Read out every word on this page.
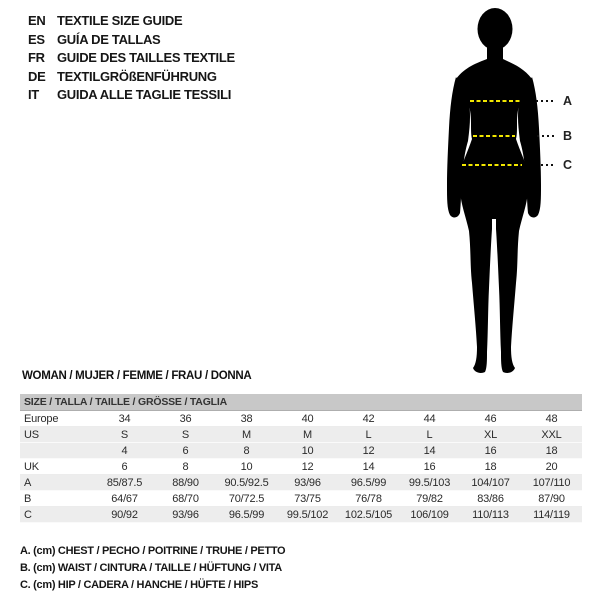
EN TEXTILE SIZE GUIDE
ES GUÍA DE TALLAS
FR GUIDE DES TAILLES TEXTILE
DE TEXTILGRÖßENFÜHRUNG
IT	GUIDA ALLE TAGLIE TESSILI	A
B
C
WOMAN / MUJER / FEMME / FRAU / DONNA
SIZE / TALLA / TAILLE / GRÖSSE / TAGLIA
Europe	34	36	38	40	42	44	46	48
US	S	S	M	M	L	L	XL	XXL
	4	6	8	10	12	14	16	18
UK	6	8	10	12	14	16	18	20
A	85/87.5	88/90	90.5/92.5	93/96	96.5/99	99.5/103	104/107	107/110
B	64/67	68/70	70/72.5	73/75	76/78	79/82	83/86	87/90
C	90/92	93/96	96.5/99	99.5/102	102.5/105	106/109	110/113	114/119
A. (cm) CHEST / PECHO / POITRINE / TRUHE / PETTO
B. (cm) WAIST / CINTURA / TAILLE / HÜFTUNG / VITA
C. (cm) HIP / CADERA / HANCHE / HÜFTE / HIPS
